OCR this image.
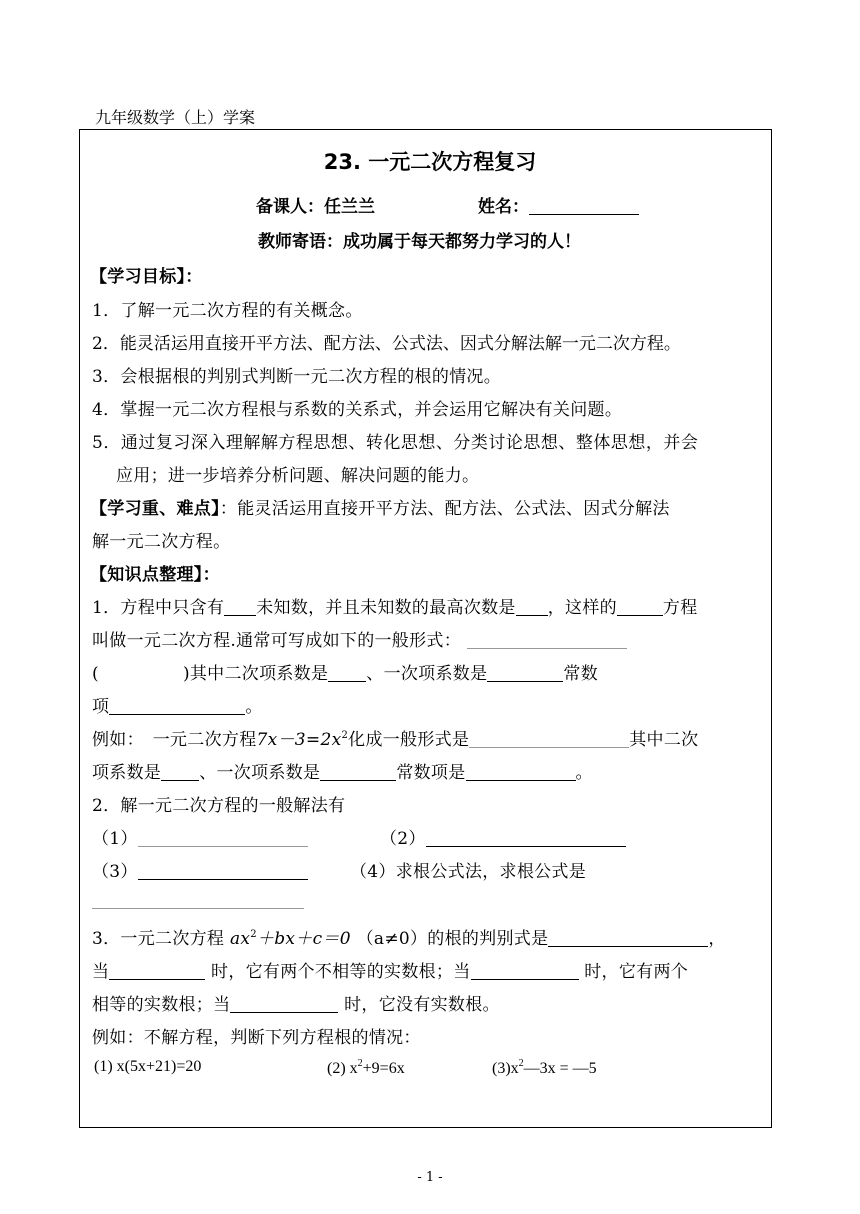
九年级数学（上）学案
23. 一元二次方程复习
备课人：任兰兰	姓名：
教师寄语：成功属于每天都努力学习的人！
【学习目标】：
1．了解一元二次方程的有关概念。
2．能灵活运用直接开平方法、配方法、公式法、因式分解法解一元二次方程。
3．会根据根的判别式判断一元二次方程的根的情况。
4．掌握一元二次方程根与系数的关系式，并会运用它解决有关问题。
5．通过复习深入理解解方程思想、转化思想、分类讨论思想、整体思想，并会
应用；进一步培养分析问题、解决问题的能力。
【学习重、难点】：能灵活运用直接开平方法、配方法、公式法、因式分解法
解一元二次方程。
【知识点整理】：
1．方程中只含有 未知数，并且未知数的最高次数是 ，这样的	方程
叫做一元二次方程.通常可写成如下的一般形式：
(	)其中二次项系数是 、一次项系数是	常数
项	。
例如：　一元二次方程$7x-3=2x^2$化成一般形式是	其中二次
项系数是 、一次项系数是	常数项是	。
2．解一元二次方程的一般解法有
（1）	（2）
（3）	（4）求根公式法，求根公式是
3．一元二次方程 $ax^2+bx+c=0$ （a≠0）的根的判别式是	，
当	时，它有两个不相等的实数根；当	时，它有两个
相等的实数根；当	时，它没有实数根。
例如：不解方程，判断下列方程根的情况：
(1) x(5x+21)=20	(2) $x^2+9=6x$	$(3)x^2—3x$ = —5
- 1 -
